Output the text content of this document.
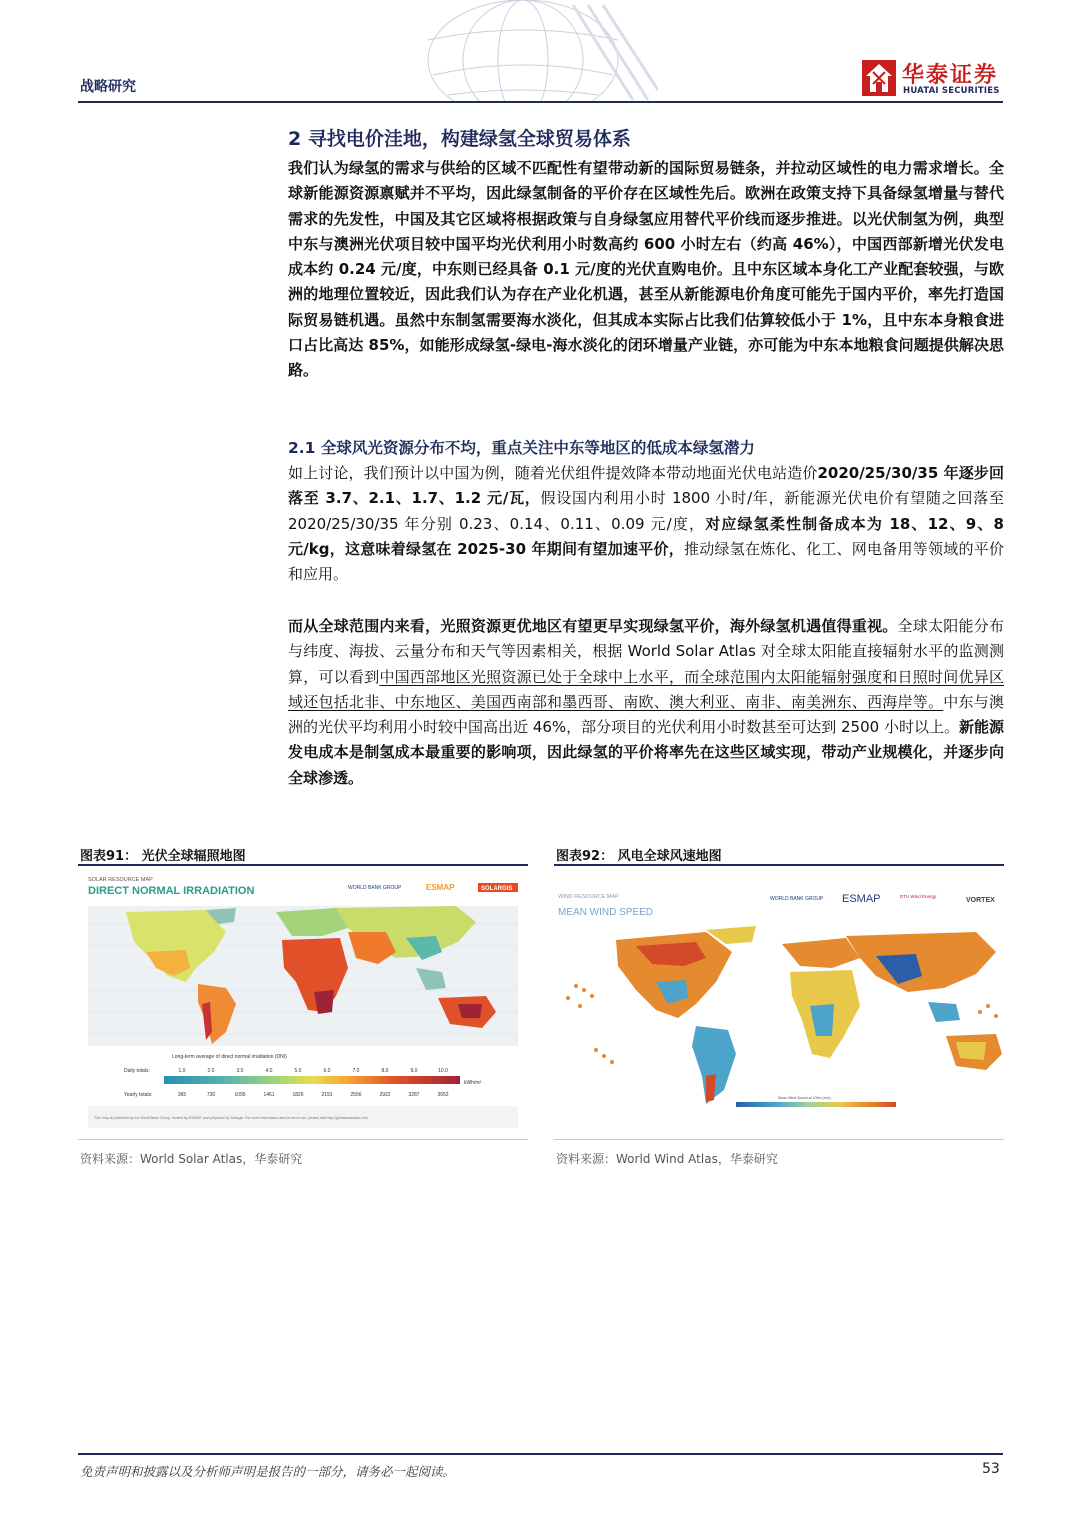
战略研究	华泰证券
HUATAI SECURITIES
2 寻找电价洼地，构建绿氢全球贸易体系
我们认为绿氢的需求与供给的区域不匹配性有望带动新的国际贸易链条，并拉动区域性的电力需求增长。全球新能源资源禀赋并不平均，因此绿氢制备的平价存在区域性先后。欧洲在政策支持下具备绿氢增量与替代需求的先发性，中国及其它区域将根据政策与自身绿氢应用替代平价线而逐步推进。以光伏制氢为例，典型中东与澳洲光伏项目较中国平均光伏利用小时数高约 600 小时左右（约高 46%），中国西部新增光伏发电成本约 0.24 元/度，中东则已经具备 0.1 元/度的光伏直购电价。且中东区域本身化工产业配套较强，与欧洲的地理位置较近，因此我们认为存在产业化机遇，甚至从新能源电价角度可能先于国内平价，率先打造国际贸易链机遇。虽然中东制氢需要海水淡化，但其成本实际占比我们估算较低小于 1%，且中东本身粮食进口占比高达 85%，如能形成绿氢-绿电-海水淡化的闭环增量产业链，亦可能为中东本地粮食问题提供解决思路。
2.1 全球风光资源分布不均，重点关注中东等地区的低成本绿氢潜力
如上讨论，我们预计以中国为例，随着光伏组件提效降本带动地面光伏电站造价2020/25/30/35 年逐步回落至 3.7、2.1、1.7、1.2 元/瓦，假设国内利用小时 1800 小时/年，新能源光伏电价有望随之回落至 2020/25/30/35 年分别 0.23、0.14、0.11、0.09 元/度，对应绿氢柔性制备成本为 18、12、9、8 元/kg，这意味着绿氢在 2025-30 年期间有望加速平价，推动绿氢在炼化、化工、网电备用等领域的平价和应用。
而从全球范围内来看，光照资源更优地区有望更早实现绿氢平价，海外绿氢机遇值得重视。全球太阳能分布与纬度、海拔、云量分布和天气等因素相关，根据 World Solar Atlas 对全球太阳能直接辐射水平的监测测算，可以看到中国西部地区光照资源已处于全球中上水平，而全球范围内太阳能辐射强度和日照时间优异区域还包括北非、中东地区、美国西南部和墨西哥、南欧、澳大利亚、南非、南美洲东、西海岸等。中东与澳洲的光伏平均利用小时较中国高出近 46%，部分项目的光伏利用小时数甚至可达到 2500 小时以上。新能源发电成本是制氢成本最重要的影响项，因此绿氢的平价将率先在这些区域实现，带动产业规模化，并逐步向全球渗透。
图表91： 光伏全球辐照地图
SOLAR RESOURCE MAP
DIRECT NORMAL IRRADIATION	WORLD BANK GROUP	ESMAP	SOLARGIS
Long-term average of direct normal irradiation (DNI)
Daily totals:	1.0	2.0	3.0	4.0	5.0	6.0	7.0	8.0	9.0	10.0
kWh/m²
Yearly totals:	365	730	1095	1461	1826	2191	2556	2922	3287	3652
This map is published by the World Bank Group, funded by ESMAP, and prepared by Solargis. For more information and terms of use, please visit http://globalsolaratlas.info
资料来源：World Solar Atlas，华泰研究
图表92： 风电全球风速地图
WIND RESOURCE MAP
MEAN WIND SPEED
WORLD BANK GROUP ESMAP	DTU Wind Energy
VORTEX
Mean Wind Speed at 100m (m/s)
资料来源：World Wind Atlas，华泰研究
免责声明和披露以及分析师声明是报告的一部分，请务必一起阅读。	53
